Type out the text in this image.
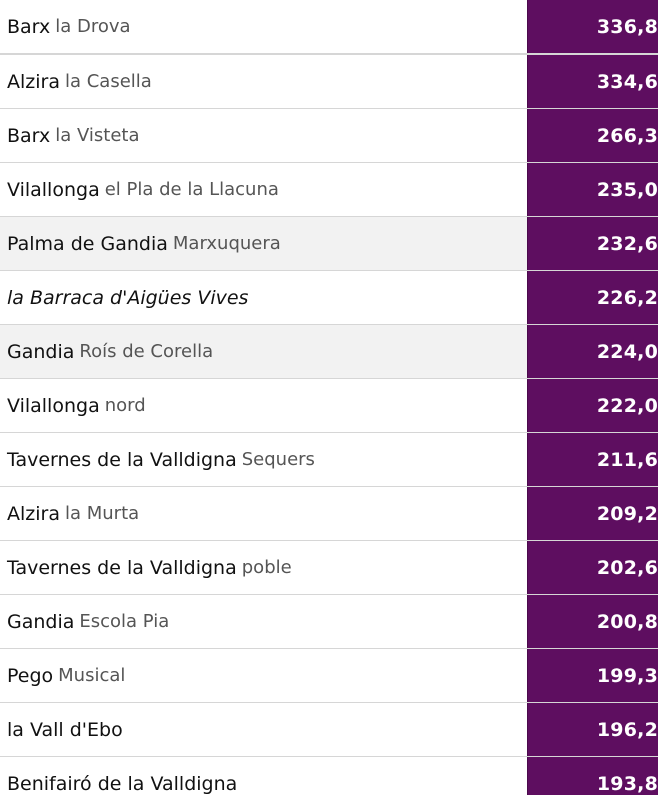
Barx la Drova	336,8
Alzira la Casella	334,6
Barx la Visteta	266,3
Vilallonga el Pla de la Llacuna	235,0
Palma de Gandia Marxuquera	232,6
la Barraca d'Aigües Vives	226,2
Gandia Roís de Corella	224,0
Vilallonga nord	222,0
Tavernes de la Valldigna Sequers	211,6
Alzira la Murta	209,2
Tavernes de la Valldigna poble	202,6
Gandia Escola Pia	200,8
Pego Musical	199,3
la Vall d'Ebo	196,2
Benifairó de la Valldigna	193,8
